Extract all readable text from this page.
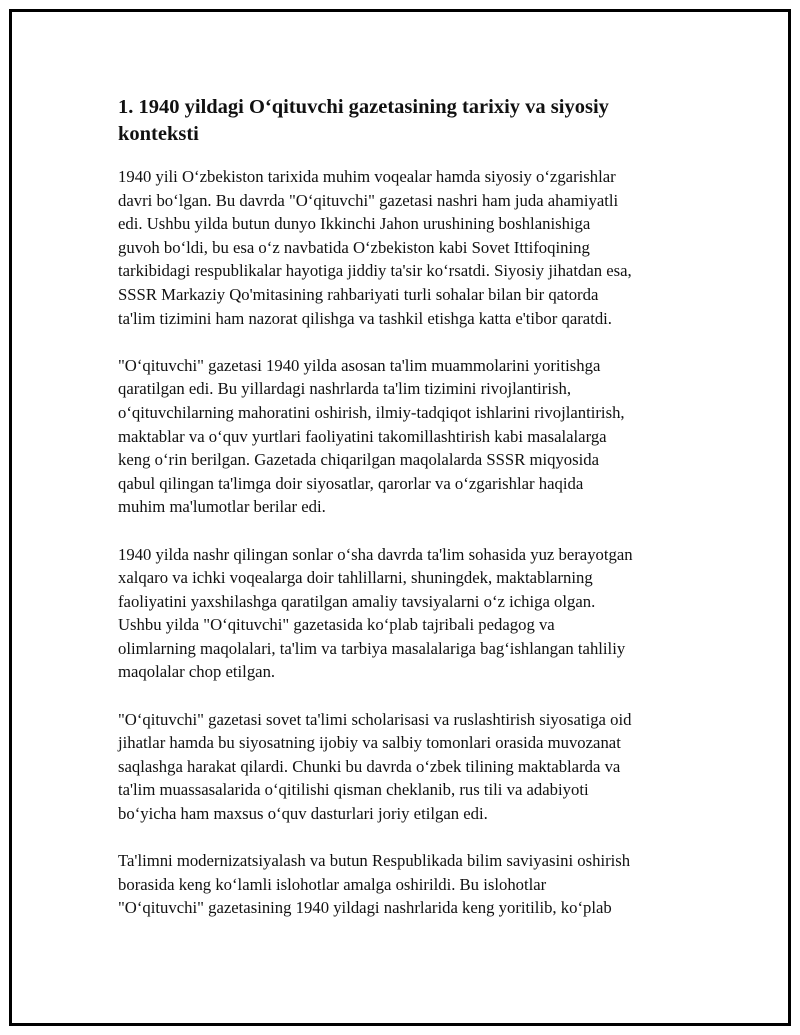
1. 1940 yildagi O‘qituvchi gazetasining tarixiy va siyosiy
konteksti

1940 yili O‘zbekiston tarixida muhim voqealar hamda siyosiy o‘zgarishlar
davri bo‘lgan. Bu davrda "O‘qituvchi" gazetasi nashri ham juda ahamiyatli
edi. Ushbu yilda butun dunyo Ikkinchi Jahon urushining boshlanishiga
guvoh bo‘ldi, bu esa o‘z navbatida O‘zbekiston kabi Sovet Ittifoqining
tarkibidagi respublikalar hayotiga jiddiy ta'sir ko‘rsatdi. Siyosiy jihatdan esa,
SSSR Markaziy Qo'mitasining rahbariyati turli sohalar bilan bir qatorda
ta'lim tizimini ham nazorat qilishga va tashkil etishga katta e'tibor qaratdi.

"O‘qituvchi" gazetasi 1940 yilda asosan ta'lim muammolarini yoritishga
qaratilgan edi. Bu yillardagi nashrlarda ta'lim tizimini rivojlantirish,
o‘qituvchilarning mahoratini oshirish, ilmiy-tadqiqot ishlarini rivojlantirish,
maktablar va o‘quv yurtlari faoliyatini takomillashtirish kabi masalalarga
keng o‘rin berilgan. Gazetada chiqarilgan maqolalarda SSSR miqyosida
qabul qilingan ta'limga doir siyosatlar, qarorlar va o‘zgarishlar haqida
muhim ma'lumotlar berilar edi.

1940 yilda nashr qilingan sonlar o‘sha davrda ta'lim sohasida yuz berayotgan
xalqaro va ichki voqealarga doir tahlillarni, shuningdek, maktablarning
faoliyatini yaxshilashga qaratilgan amaliy tavsiyalarni o‘z ichiga olgan.
Ushbu yilda "O‘qituvchi" gazetasida ko‘plab tajribali pedagog va
olimlarning maqolalari, ta'lim va tarbiya masalalariga bag‘ishlangan tahliliy
maqolalar chop etilgan.

"O‘qituvchi" gazetasi sovet ta'limi scholarisasi va ruslashtirish siyosatiga oid
jihatlar hamda bu siyosatning ijobiy va salbiy tomonlari orasida muvozanat
saqlashga harakat qilardi. Chunki bu davrda o‘zbek tilining maktablarda va
ta'lim muassasalarida o‘qitilishi qisman cheklanib, rus tili va adabiyoti
bo‘yicha ham maxsus o‘quv dasturlari joriy etilgan edi.

Ta'limni modernizatsiyalash va butun Respublikada bilim saviyasini oshirish
borasida keng ko‘lamli islohotlar amalga oshirildi. Bu islohotlar
"O‘qituvchi" gazetasining 1940 yildagi nashrlarida keng yoritilib, ko‘plab
